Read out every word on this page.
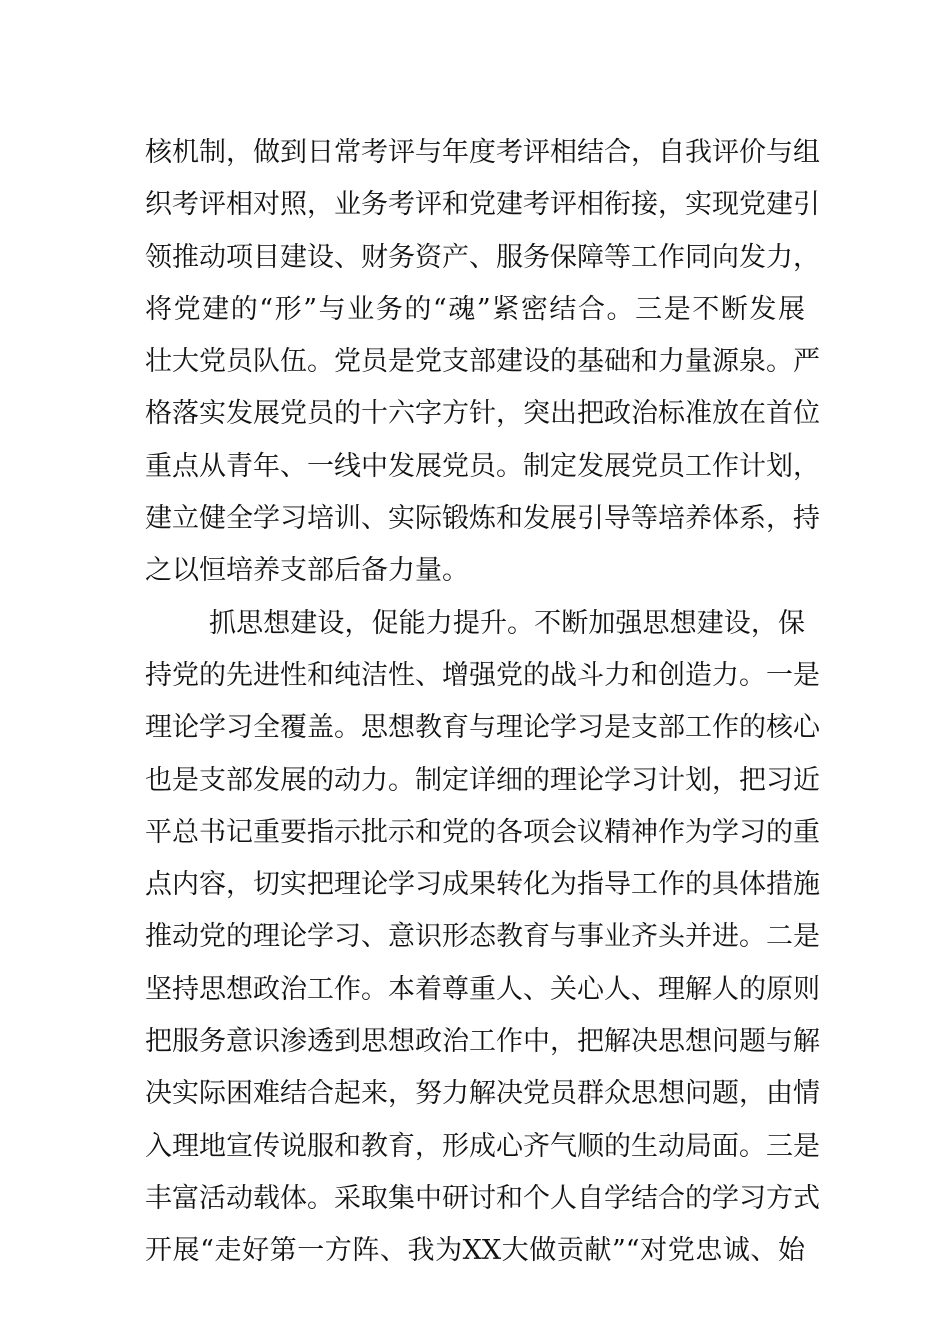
核机制，做到日常考评与年度考评相结合，自我评价与组
织考评相对照，业务考评和党建考评相衔接，实现党建引
领推动项目建设、财务资产、服务保障等工作同向发力，
将党建的“形”与业务的“魂”紧密结合。三是不断发展
壮大党员队伍。党员是党支部建设的基础和力量源泉。严
格落实发展党员的十六字方针，突出把政治标准放在首位
重点从青年、一线中发展党员。制定发展党员工作计划，
建立健全学习培训、实际锻炼和发展引导等培养体系，持
之以恒培养支部后备力量。
抓思想建设，促能力提升。不断加强思想建设，保
持党的先进性和纯洁性、增强党的战斗力和创造力。一是
理论学习全覆盖。思想教育与理论学习是支部工作的核心
也是支部发展的动力。制定详细的理论学习计划，把习近
平总书记重要指示批示和党的各项会议精神作为学习的重
点内容，切实把理论学习成果转化为指导工作的具体措施
推动党的理论学习、意识形态教育与事业齐头并进。二是
坚持思想政治工作。本着尊重人、关心人、理解人的原则
把服务意识渗透到思想政治工作中，把解决思想问题与解
决实际困难结合起来，努力解决党员群众思想问题，由情
入理地宣传说服和教育，形成心齐气顺的生动局面。三是
丰富活动载体。采取集中研讨和个人自学结合的学习方式
开展“走好第一方阵、我为XX大做贡献”“对党忠诚、始
